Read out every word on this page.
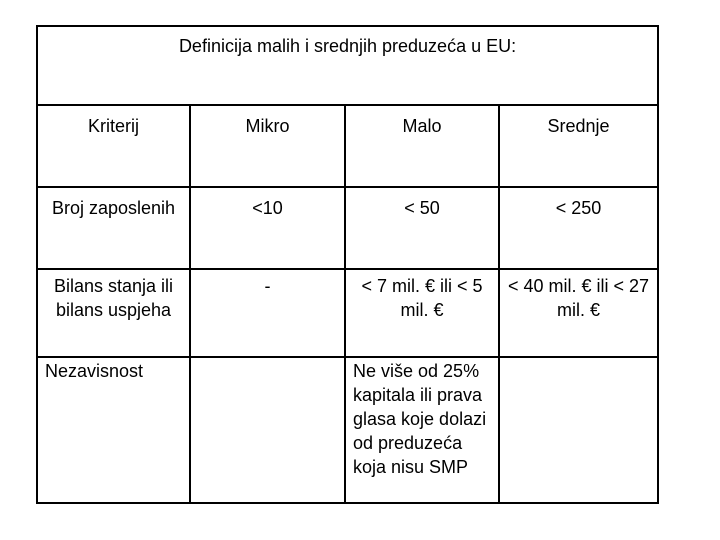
Definicija malih i srednjih preduzeća u EU:			

Kriterij	Mikro	Malo	Srednje

Broj zaposlenih	<10	< 50	< 250

Bilans stanja ili bilans uspjeha	-	< 7 mil. € ili < 5 mil. €	< 40 mil. € ili < 27 mil. €

Nezavisnost		Ne više od 25% kapitala ili prava glasa koje dolazi od preduzeća koja nisu SMP	
